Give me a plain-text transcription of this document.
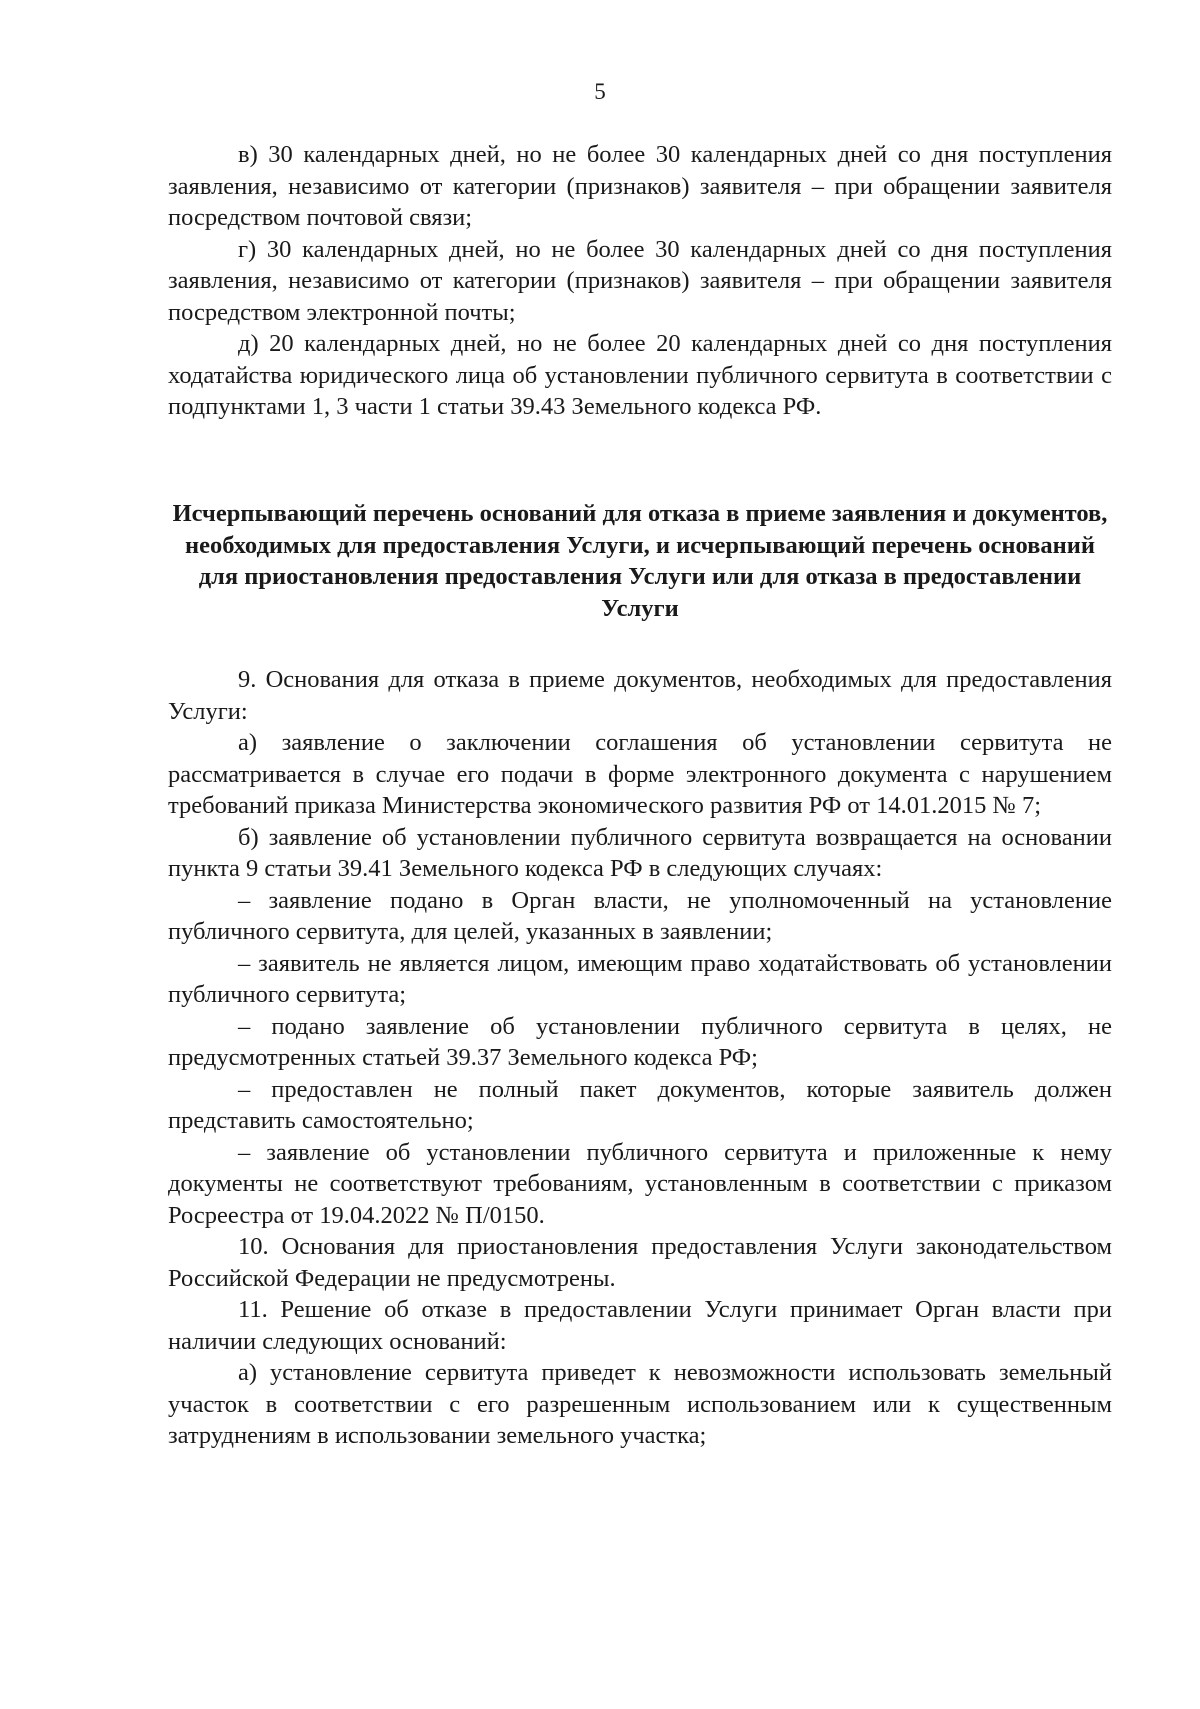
5

в) 30 календарных дней, но не более 30 календарных дней со дня поступления заявления, независимо от категории (признаков) заявителя – при обращении заявителя посредством почтовой связи;

г) 30 календарных дней, но не более 30 календарных дней со дня поступления заявления, независимо от категории (признаков) заявителя – при обращении заявителя посредством электронной почты;

д) 20 календарных дней, но не более 20 календарных дней со дня поступления ходатайства юридического лица об установлении публичного сервитута в соответствии с подпунктами 1, 3 части 1 статьи 39.43 Земельного кодекса РФ.

Исчерпывающий перечень оснований для отказа в приеме заявления и документов, необходимых для предоставления Услуги, и исчерпывающий перечень оснований для приостановления предоставления Услуги или для отказа в предоставлении Услуги

9. Основания для отказа в приеме документов, необходимых для предоставления Услуги:

а) заявление о заключении соглашения об установлении сервитута не рассматривается в случае его подачи в форме электронного документа с нарушением требований приказа Министерства экономического развития РФ от 14.01.2015 № 7;

б) заявление об установлении публичного сервитута возвращается на основании пункта 9 статьи 39.41 Земельного кодекса РФ в следующих случаях:

– заявление подано в Орган власти, не уполномоченный на установление публичного сервитута, для целей, указанных в заявлении;

– заявитель не является лицом, имеющим право ходатайствовать об установлении публичного сервитута;

– подано заявление об установлении публичного сервитута в целях, не предусмотренных статьей 39.37 Земельного кодекса РФ;

– предоставлен не полный пакет документов, которые заявитель должен представить самостоятельно;

– заявление об установлении публичного сервитута и приложенные к нему документы не соответствуют требованиям, установленным в соответствии с приказом Росреестра от 19.04.2022 № П/0150.

10. Основания для приостановления предоставления Услуги законодательством Российской Федерации не предусмотрены.

11. Решение об отказе в предоставлении Услуги принимает Орган власти при наличии следующих оснований:

а) установление сервитута приведет к невозможности использовать земельный участок в соответствии с его разрешенным использованием или к существенным затруднениям в использовании земельного участка;
